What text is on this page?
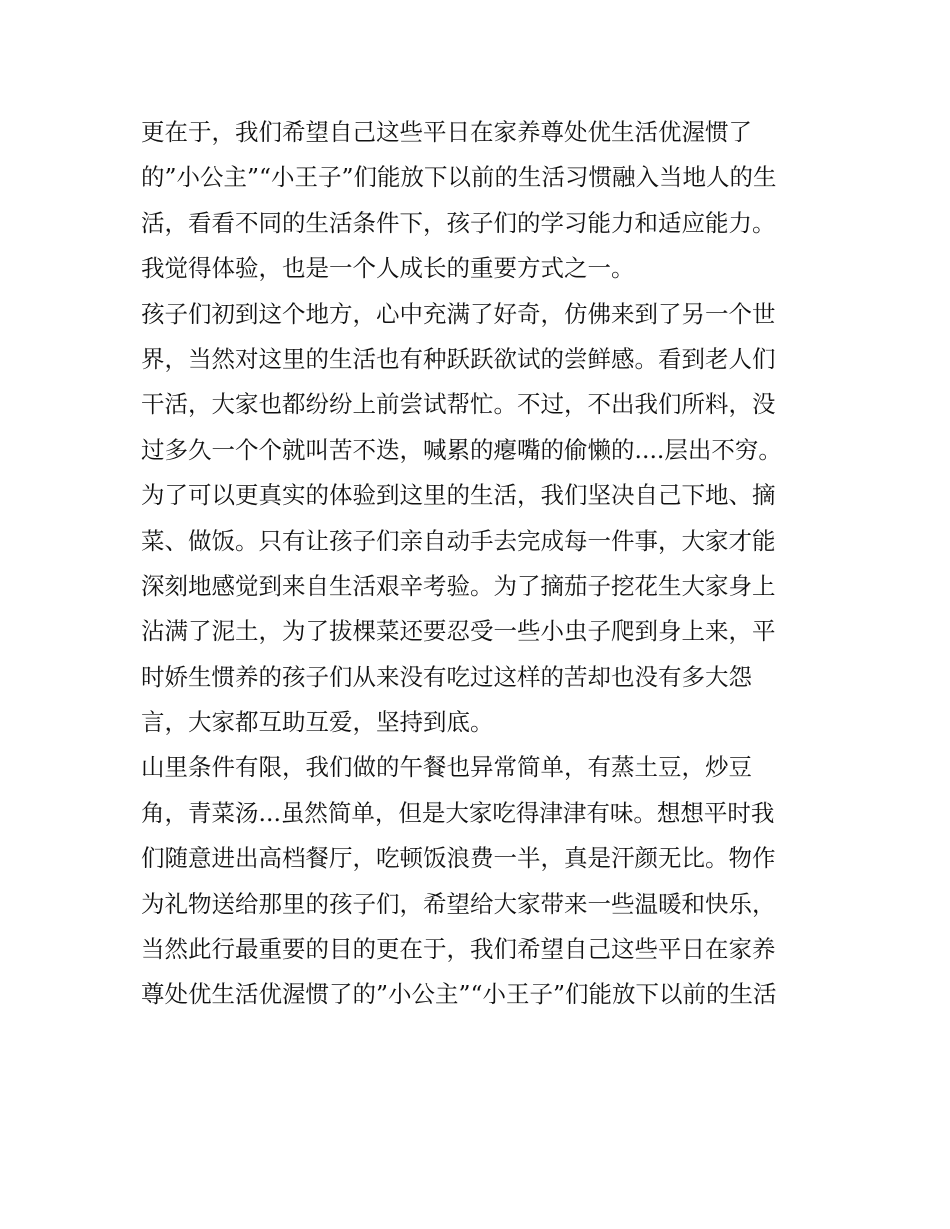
更在于，我们希望自己这些平日在家养尊处优生活优渥惯了
的”小公主”“小王子”们能放下以前的生活习惯融入当地人的生
活，看看不同的生活条件下，孩子们的学习能力和适应能力。
我觉得体验，也是一个人成长的重要方式之一。
孩子们初到这个地方，心中充满了好奇，仿佛来到了另一个世
界，当然对这里的生活也有种跃跃欲试的尝鲜感。看到老人们
干活，大家也都纷纷上前尝试帮忙。不过，不出我们所料，没
过多久一个个就叫苦不迭，喊累的瘪嘴的偷懒的....层出不穷。
为了可以更真实的体验到这里的生活，我们坚决自己下地、摘
菜、做饭。只有让孩子们亲自动手去完成每一件事，大家才能
深刻地感觉到来自生活艰辛考验。为了摘茄子挖花生大家身上
沾满了泥土，为了拔棵菜还要忍受一些小虫子爬到身上来，平
时娇生惯养的孩子们从来没有吃过这样的苦却也没有多大怨
言，大家都互助互爱，坚持到底。
山里条件有限，我们做的午餐也异常简单，有蒸土豆，炒豆
角，青菜汤...虽然简单，但是大家吃得津津有味。想想平时我
们随意进出高档餐厅，吃顿饭浪费一半，真是汗颜无比。物作
为礼物送给那里的孩子们，希望给大家带来一些温暖和快乐，
当然此行最重要的目的更在于，我们希望自己这些平日在家养
尊处优生活优渥惯了的”小公主”“小王子”们能放下以前的生活
